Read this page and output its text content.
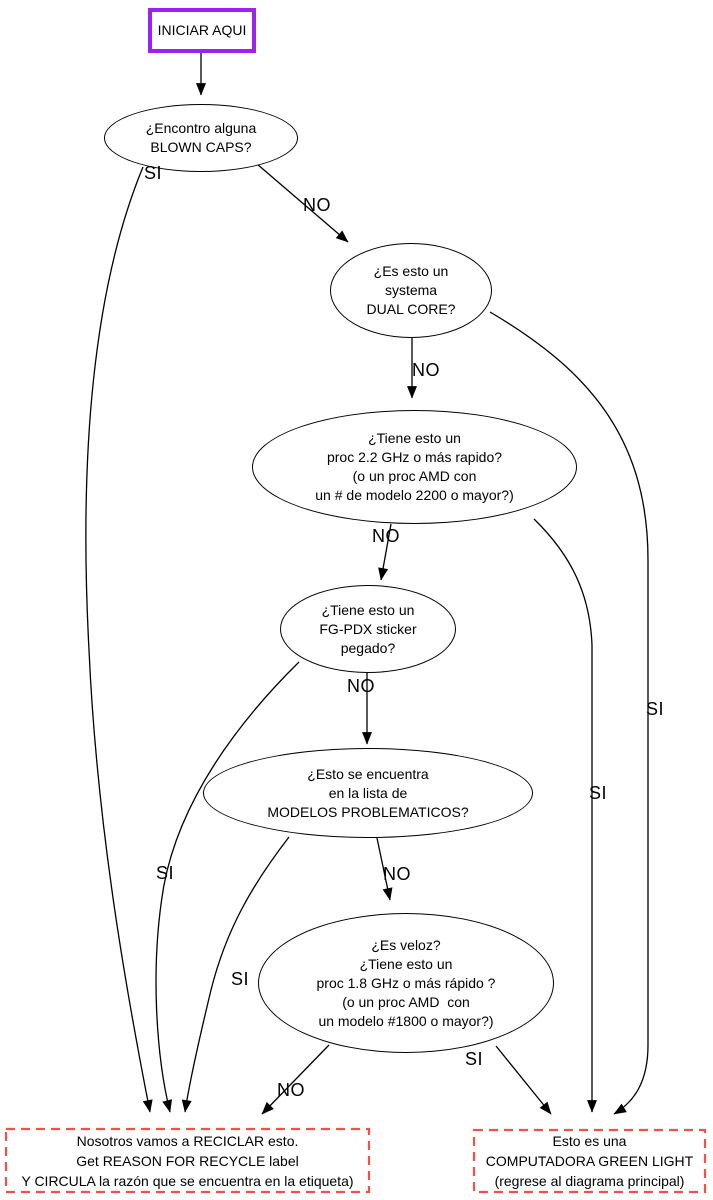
INICIAR AQUI
¿Encontro alguna
BLOWN CAPS?
¿Es esto un
systema
DUAL CORE?
¿Tiene esto un
proc 2.2 GHz o más rapido?
(o un proc AMD con
un # de modelo 2200 o mayor?)
¿Tiene esto un
FG-PDX sticker
pegado?
¿Esto se encuentra
en la lista de
MODELOS PROBLEMATICOS?
¿Es veloz?
¿Tiene esto un
proc 1.8 GHz o más rápido ?
(o un proc AMD  con
un modelo #1800 o mayor?)
Nosotros vamos a RECICLAR esto.
Get REASON FOR RECYCLE label
Y CIRCULA la razón que se encuentra en la etiqueta)
Esto es una
COMPUTADORA GREEN LIGHT
(regrese al diagrama principal)
SI
NO
NO
SI
NO
SI
NO
SI	NO
SI
NO
SI
